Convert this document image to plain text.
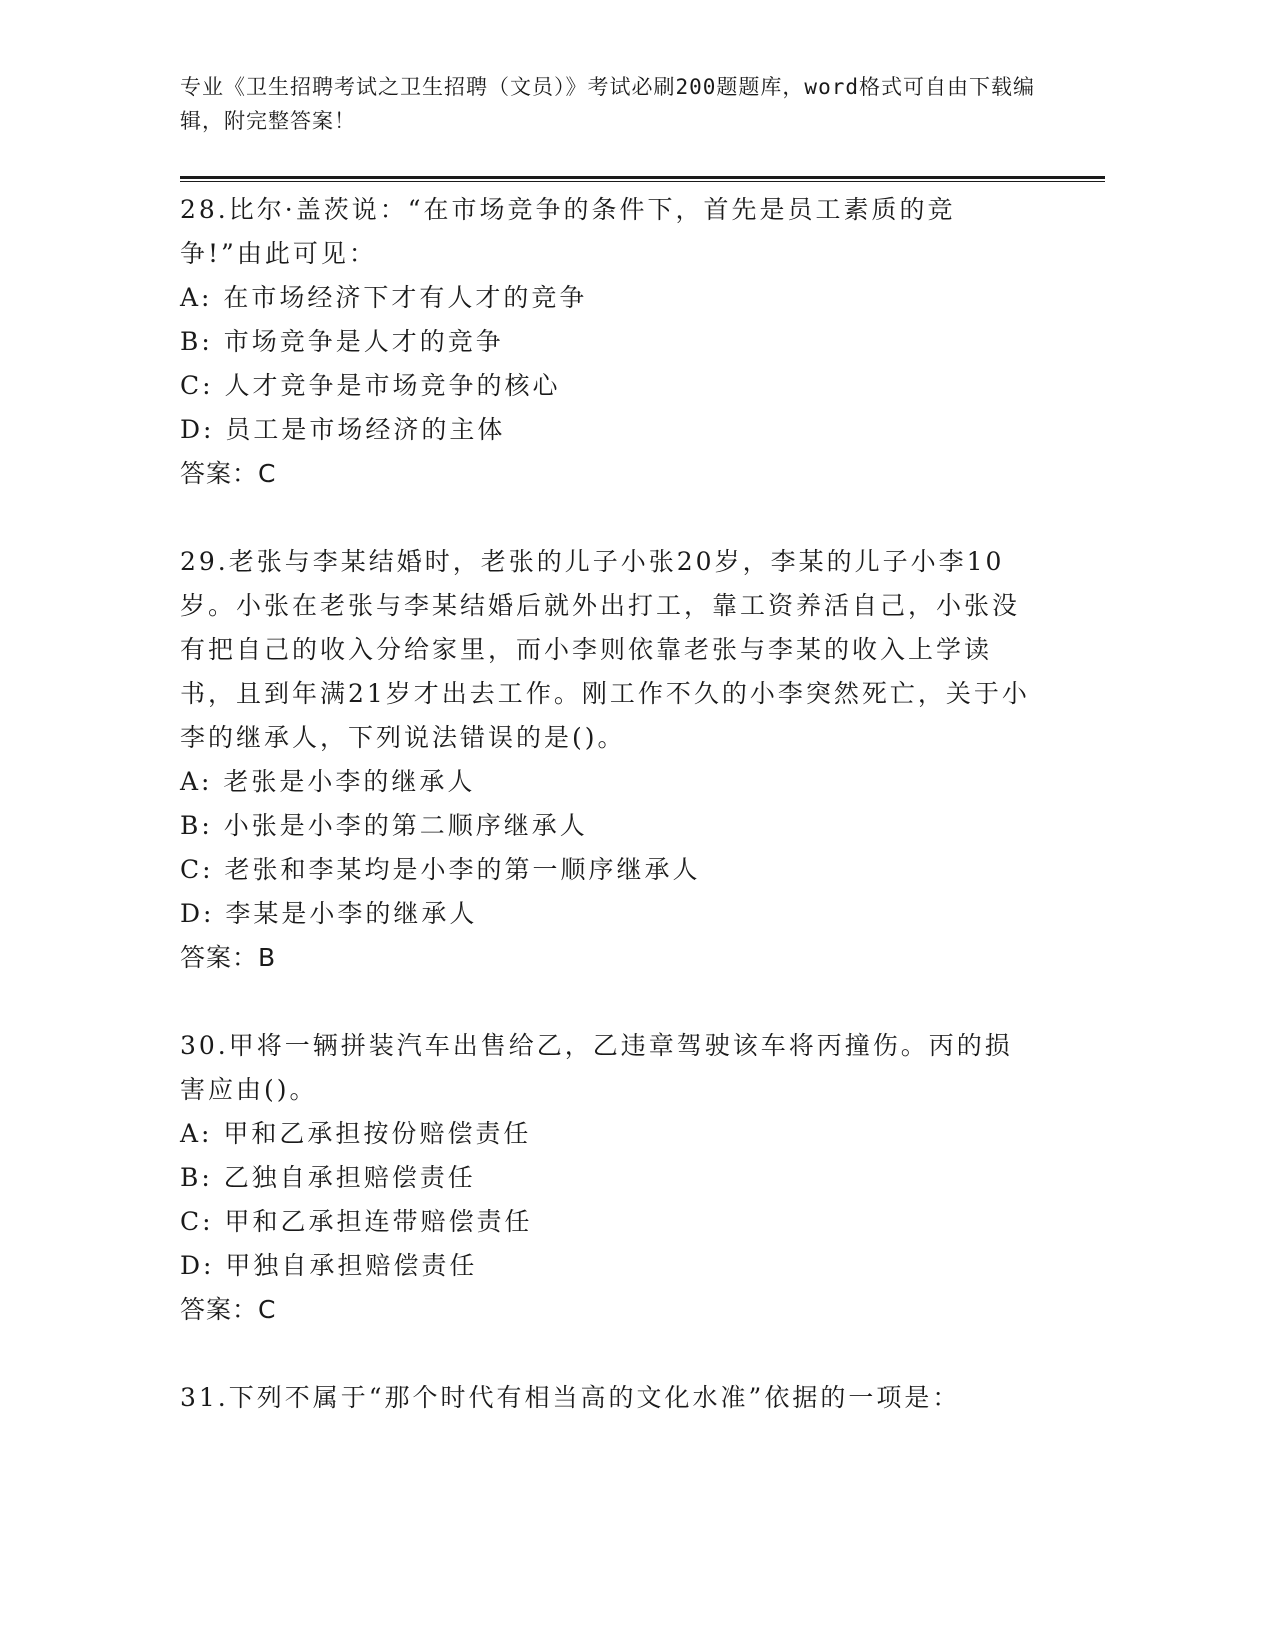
专业《卫生招聘考试之卫生招聘（文员）》考试必刷200题题库，word格式可自由下载编辑，附完整答案！
28.比尔·盖茨说：“在市场竞争的条件下，首先是员工素质的竞争!”由此可见：
A: 在市场经济下才有人才的竞争
B: 市场竞争是人才的竞争
C: 人才竞争是市场竞争的核心
D: 员工是市场经济的主体
答案：C
29.老张与李某结婚时，老张的儿子小张20岁，李某的儿子小李10岁。小张在老张与李某结婚后就外出打工，靠工资养活自己，小张没有把自己的收入分给家里，而小李则依靠老张与李某的收入上学读书，且到年满21岁才出去工作。刚工作不久的小李突然死亡，关于小李的继承人，下列说法错误的是()。
A: 老张是小李的继承人
B: 小张是小李的第二顺序继承人
C: 老张和李某均是小李的第一顺序继承人
D: 李某是小李的继承人
答案：B
30.甲将一辆拼装汽车出售给乙，乙违章驾驶该车将丙撞伤。丙的损害应由()。
A: 甲和乙承担按份赔偿责任
B: 乙独自承担赔偿责任
C: 甲和乙承担连带赔偿责任
D: 甲独自承担赔偿责任
答案：C
31.下列不属于“那个时代有相当高的文化水准”依据的一项是：
